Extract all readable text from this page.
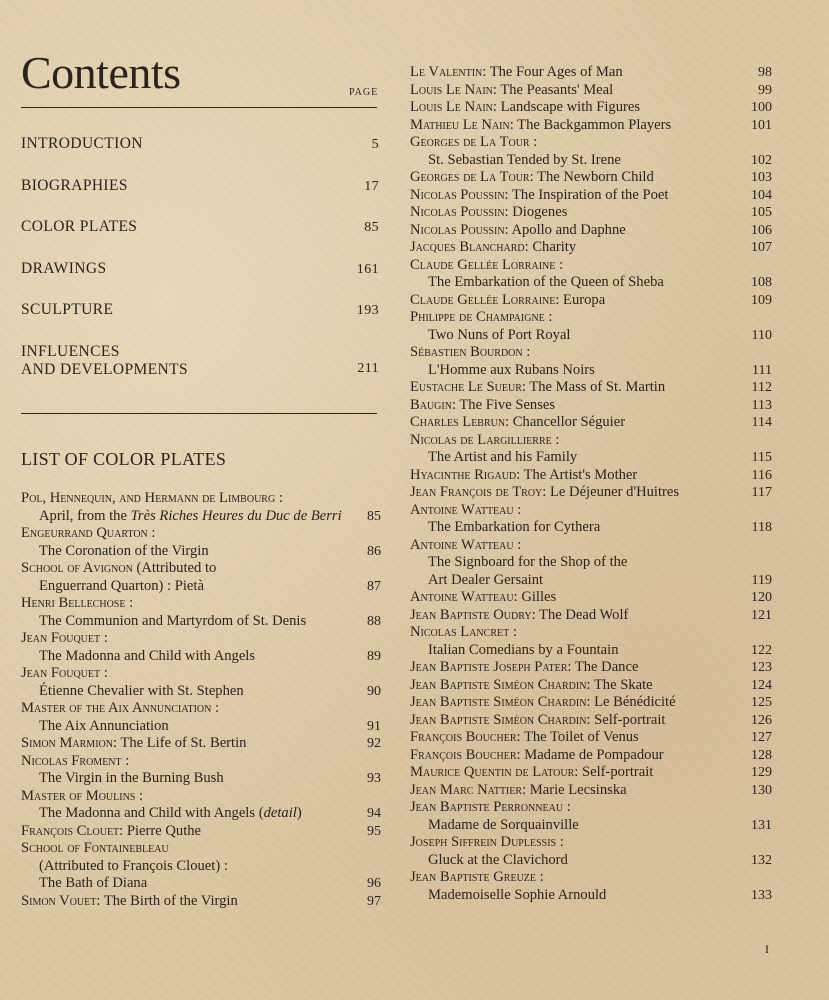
Contents	PAGE
INTRODUCTION	5
BIOGRAPHIES	17
COLOR PLATES	85
DRAWINGS	161
SCULPTURE	193
INFLUENCES
AND DEVELOPMENTS	211
LIST OF COLOR PLATES
Pol, Hennequin, and Hermann de Limbourg :
April, from the Très Riches Heures du Duc de Berri 85
Engeurrand Quarton :
The Coronation of the Virgin	86
School of Avignon (Attributed to
Enguerrand Quarton) : Pietà	87
Henri Bellechose :
The Communion and Martyrdom of St. Denis	88
Jean Fouquet :
The Madonna and Child with Angels	89
Jean Fouquet :
Étienne Chevalier with St. Stephen	90
Master of the Aix Annunciation :
The Aix Annunciation	91
Simon Marmion: The Life of St. Bertin	92
Nicolas Froment :
The Virgin in the Burning Bush	93
Master of Moulins :
The Madonna and Child with Angels (detail)	94
François Clouet: Pierre Quthe	95
School of Fontainebleau
(Attributed to François Clouet) :
The Bath of Diana	96
Simon Vouet: The Birth of the Virgin	97
Le Valentin: The Four Ages of Man	98
Louis Le Nain: The Peasants' Meal	99
Louis Le Nain: Landscape with Figures	100
Mathieu Le Nain: The Backgammon Players	101
Georges de La Tour :
St. Sebastian Tended by St. Irene	102
Georges de La Tour: The Newborn Child	103
Nicolas Poussin: The Inspiration of the Poet	104
Nicolas Poussin: Diogenes	105
Nicolas Poussin: Apollo and Daphne	106
Jacques Blanchard: Charity	107
Claude Gellée Lorraine :
The Embarkation of the Queen of Sheba	108
Claude Gellée Lorraine: Europa	109
Philippe de Champaigne :
Two Nuns of Port Royal	110
Sébastien Bourdon :
L'Homme aux Rubans Noirs	111
Eustache Le Sueur: The Mass of St. Martin	112
Baugin: The Five Senses	113
Charles Lebrun: Chancellor Séguier	114
Nicolas de Largillierre :
The Artist and his Family	115
Hyacinthe Rigaud: The Artist's Mother	116
Jean François de Troy: Le Déjeuner d'Huitres	117
Antoine Watteau :
The Embarkation for Cythera	118
Antoine Watteau :
The Signboard for the Shop of the
Art Dealer Gersaint	119
Antoine Watteau: Gilles	120
Jean Baptiste Oudry: The Dead Wolf	121
Nicolas Lancret :
Italian Comedians by a Fountain	122
Jean Baptiste Joseph Pater: The Dance	123
Jean Baptiste Siméon Chardin: The Skate	124
Jean Baptiste Siméon Chardin: Le Bénédicité	125
Jean Baptiste Siméon Chardin: Self-portrait	126
François Boucher: The Toilet of Venus	127
François Boucher: Madame de Pompadour	128
Maurice Quentin de Latour: Self-portrait	129
Jean Marc Nattier: Marie Lecsinska	130
Jean Baptiste Perronneau :
Madame de Sorquainville	131
Joseph Siffrein Duplessis :
Gluck at the Clavichord	132
Jean Baptiste Greuze :
Mademoiselle Sophie Arnould	133
I
